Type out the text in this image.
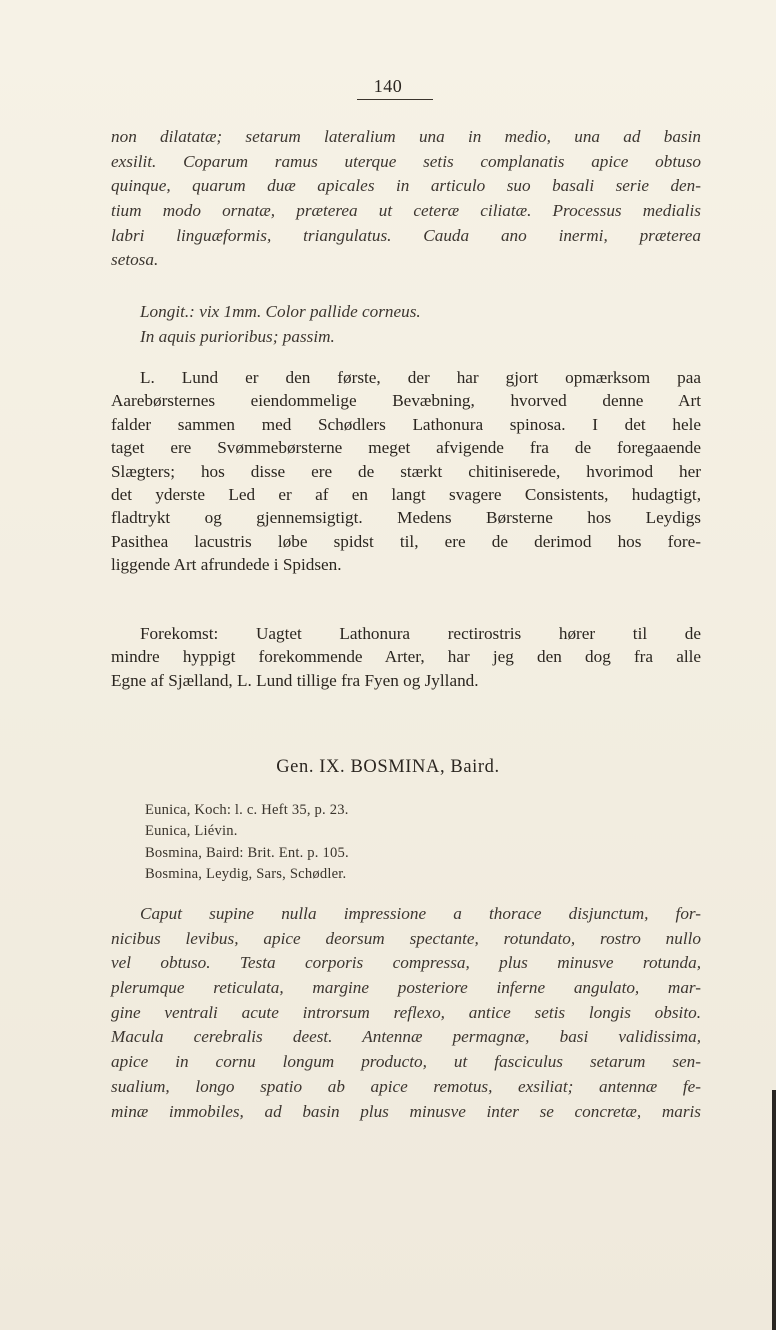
140
non dilatatæ; setarum lateralium una in medio, una ad basin
exsilit. Coparum ramus uterque setis complanatis apice obtuso
quinque, quarum duæ apicales in articulo suo basali serie den-
tium modo ornatæ, præterea ut ceteræ ciliatæ. Processus medialis
labri linguæformis, triangulatus. Cauda ano inermi, præterea
setosa.
Longit.: vix 1mm. Color pallide corneus.
In aquis purioribus; passim.
L. Lund er den første, der har gjort opmærksom paa
Aarebørsternes eiendommelige Bevæbning, hvorved denne Art
falder sammen med Schødlers Lathonura spinosa. I det hele
taget ere Svømmebørsterne meget afvigende fra de foregaaende
Slægters; hos disse ere de stærkt chitiniserede, hvorimod her
det yderste Led er af en langt svagere Consistents, hudagtigt,
fladtrykt og gjennemsigtigt. Medens Børsterne hos Leydigs
Pasithea lacustris løbe spidst til, ere de derimod hos fore-
liggende Art afrundede i Spidsen.
Forekomst: Uagtet Lathonura rectirostris hører til de
mindre hyppigt forekommende Arter, har jeg den dog fra alle
Egne af Sjælland, L. Lund tillige fra Fyen og Jylland.
Gen. IX. BOSMINA, Baird.
Eunica, Koch: l. c. Heft 35, p. 23.
Eunica, Liévin.
Bosmina, Baird: Brit. Ent. p. 105.
Bosmina, Leydig, Sars, Schødler.
Caput supine nulla impressione a thorace disjunctum, for-
nicibus levibus, apice deorsum spectante, rotundato, rostro nullo
vel obtuso. Testa corporis compressa, plus minusve rotunda,
plerumque reticulata, margine posteriore inferne angulato, mar-
gine ventrali acute introrsum reflexo, antice setis longis obsito.
Macula cerebralis deest. Antennæ permagnæ, basi validissima,
apice in cornu longum producto, ut fasciculus setarum sen-
sualium, longo spatio ab apice remotus, exsiliat; antennæ fe-
minæ immobiles, ad basin plus minusve inter se concretæ, maris
